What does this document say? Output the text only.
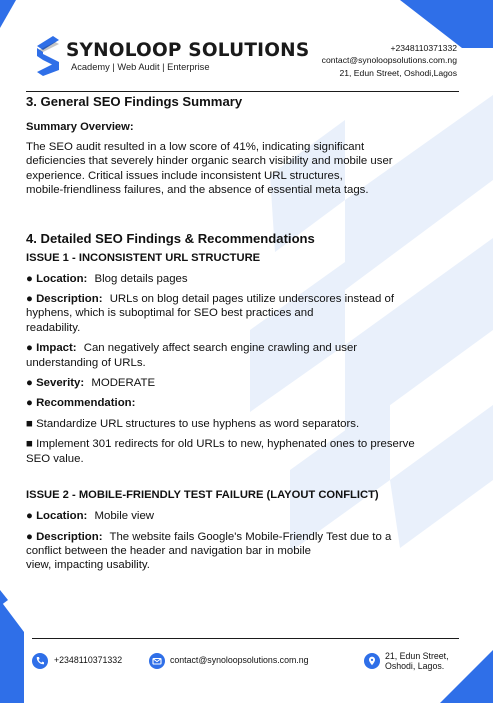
SYNOLOOP SOLUTIONS
Academy | Web Audit | Enterprise
+2348110371332
contact@synoloopsolutions.com.ng
21, Edun Street, Oshodi,Lagos
3. General SEO Findings Summary
Summary Overview:
The SEO audit resulted in a low score of 41%, indicating significant
deficiencies that severely hinder organic search visibility and mobile user
experience. Critical issues include inconsistent URL structures,
mobile-friendliness failures, and the absence of essential meta tags.
4. Detailed SEO Findings & Recommendations
ISSUE 1 - INCONSISTENT URL STRUCTURE
● Location: Blog details pages
● Description: URLs on blog detail pages utilize underscores instead of
hyphens, which is suboptimal for SEO best practices and
readability.
● Impact: Can negatively affect search engine crawling and user
understanding of URLs.
● Severity: MODERATE
● Recommendation:
■ Standardize URL structures to use hyphens as word separators.
■ Implement 301 redirects for old URLs to new, hyphenated ones to preserve
SEO value.
ISSUE 2 - MOBILE-FRIENDLY TEST FAILURE (LAYOUT CONFLICT)
● Location: Mobile view
● Description: The website fails Google's Mobile-Friendly Test due to a
conflict between the header and navigation bar in mobile
view, impacting usability.
+2348110371332	contact@synoloopsolutions.com.ng	21, Edun Street,
Oshodi, Lagos.
